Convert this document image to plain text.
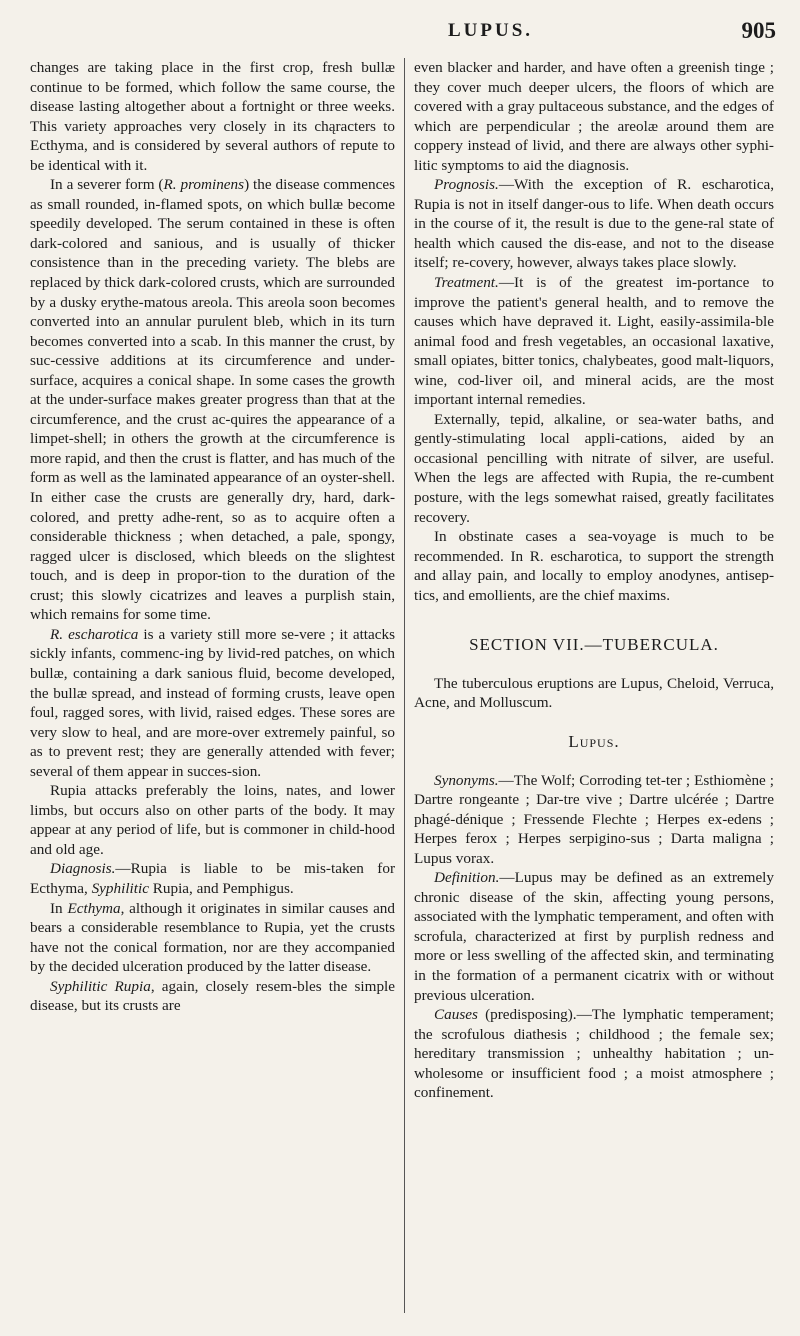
LUPUS.	905

changes are taking place in the first crop, fresh bullæ continue to be formed, which follow the same course, the disease lasting altogether about a fortnight or three weeks. This variety approaches very closely in its chąracters to Ecthyma, and is considered by several authors of repute to be identical with it.

In a severer form (R. prominens) the disease commences as small rounded, in-flamed spots, on which bullæ become speedily developed. The serum contained in these is often dark-colored and sanious, and is usually of thicker consistence than in the preceding variety. The blebs are replaced by thick dark-colored crusts, which are surrounded by a dusky erythe-matous areola. This areola soon becomes converted into an annular purulent bleb, which in its turn becomes converted into a scab. In this manner the crust, by suc-cessive additions at its circumference and under-surface, acquires a conical shape. In some cases the growth at the under-surface makes greater progress than that at the circumference, and the crust ac-quires the appearance of a limpet-shell; in others the growth at the circumference is more rapid, and then the crust is flatter, and has much of the form as well as the laminated appearance of an oyster-shell. In either case the crusts are generally dry, hard, dark-colored, and pretty adhe-rent, so as to acquire often a considerable thickness ; when detached, a pale, spongy, ragged ulcer is disclosed, which bleeds on the slightest touch, and is deep in propor-tion to the duration of the crust; this slowly cicatrizes and leaves a purplish stain, which remains for some time.

R. escharotica is a variety still more se-vere ; it attacks sickly infants, commenc-ing by livid-red patches, on which bullæ, containing a dark sanious fluid, become developed, the bullæ spread, and instead of forming crusts, leave open foul, ragged sores, with livid, raised edges. These sores are very slow to heal, and are more-over extremely painful, so as to prevent rest; they are generally attended with fever; several of them appear in succes-sion.

Rupia attacks preferably the loins, nates, and lower limbs, but occurs also on other parts of the body. It may appear at any period of life, but is commoner in child-hood and old age.

Diagnosis.—Rupia is liable to be mis-taken for Ecthyma, Syphilitic Rupia, and Pemphigus.

In Ecthyma, although it originates in similar causes and bears a considerable resemblance to Rupia, yet the crusts have not the conical formation, nor are they accompanied by the decided ulceration produced by the latter disease.

Syphilitic Rupia, again, closely resem-bles the simple disease, but its crusts are

even blacker and harder, and have often a greenish tinge ; they cover much deeper ulcers, the floors of which are covered with a gray pultaceous substance, and the edges of which are perpendicular ; the areolæ around them are coppery instead of livid, and there are always other syphi-litic symptoms to aid the diagnosis.

Prognosis.—With the exception of R. escharotica, Rupia is not in itself danger-ous to life. When death occurs in the course of it, the result is due to the gene-ral state of health which caused the dis-ease, and not to the disease itself; re-covery, however, always takes place slowly.

Treatment.—It is of the greatest im-portance to improve the patient's general health, and to remove the causes which have depraved it. Light, easily-assimila-ble animal food and fresh vegetables, an occasional laxative, small opiates, bitter tonics, chalybeates, good malt-liquors, wine, cod-liver oil, and mineral acids, are the most important internal remedies.

Externally, tepid, alkaline, or sea-water baths, and gently-stimulating local appli-cations, aided by an occasional pencilling with nitrate of silver, are useful. When the legs are affected with Rupia, the re-cumbent posture, with the legs somewhat raised, greatly facilitates recovery.

In obstinate cases a sea-voyage is much to be recommended. In R. escharotica, to support the strength and allay pain, and locally to employ anodynes, antisep-tics, and emollients, are the chief maxims.

SECTION VII.—TUBERCULA.

The tuberculous eruptions are Lupus, Cheloid, Verruca, Acne, and Molluscum.

Lupus.

Synonyms.—The Wolf; Corroding tet-ter ; Esthiomène ; Dartre rongeante ; Dar-tre vive ; Dartre ulcérée ; Dartre phagé-dénique ; Fressende Flechte ; Herpes ex-edens ; Herpes ferox ; Herpes serpigino-sus ; Darta maligna ; Lupus vorax.

Definition.—Lupus may be defined as an extremely chronic disease of the skin, affecting young persons, associated with the lymphatic temperament, and often with scrofula, characterized at first by purplish redness and more or less swelling of the affected skin, and terminating in the formation of a permanent cicatrix with or without previous ulceration.

Causes (predisposing).—The lymphatic temperament; the scrofulous diathesis ; childhood ; the female sex; hereditary transmission ; unhealthy habitation ; un-wholesome or insufficient food ; a moist atmosphere ; confinement.
